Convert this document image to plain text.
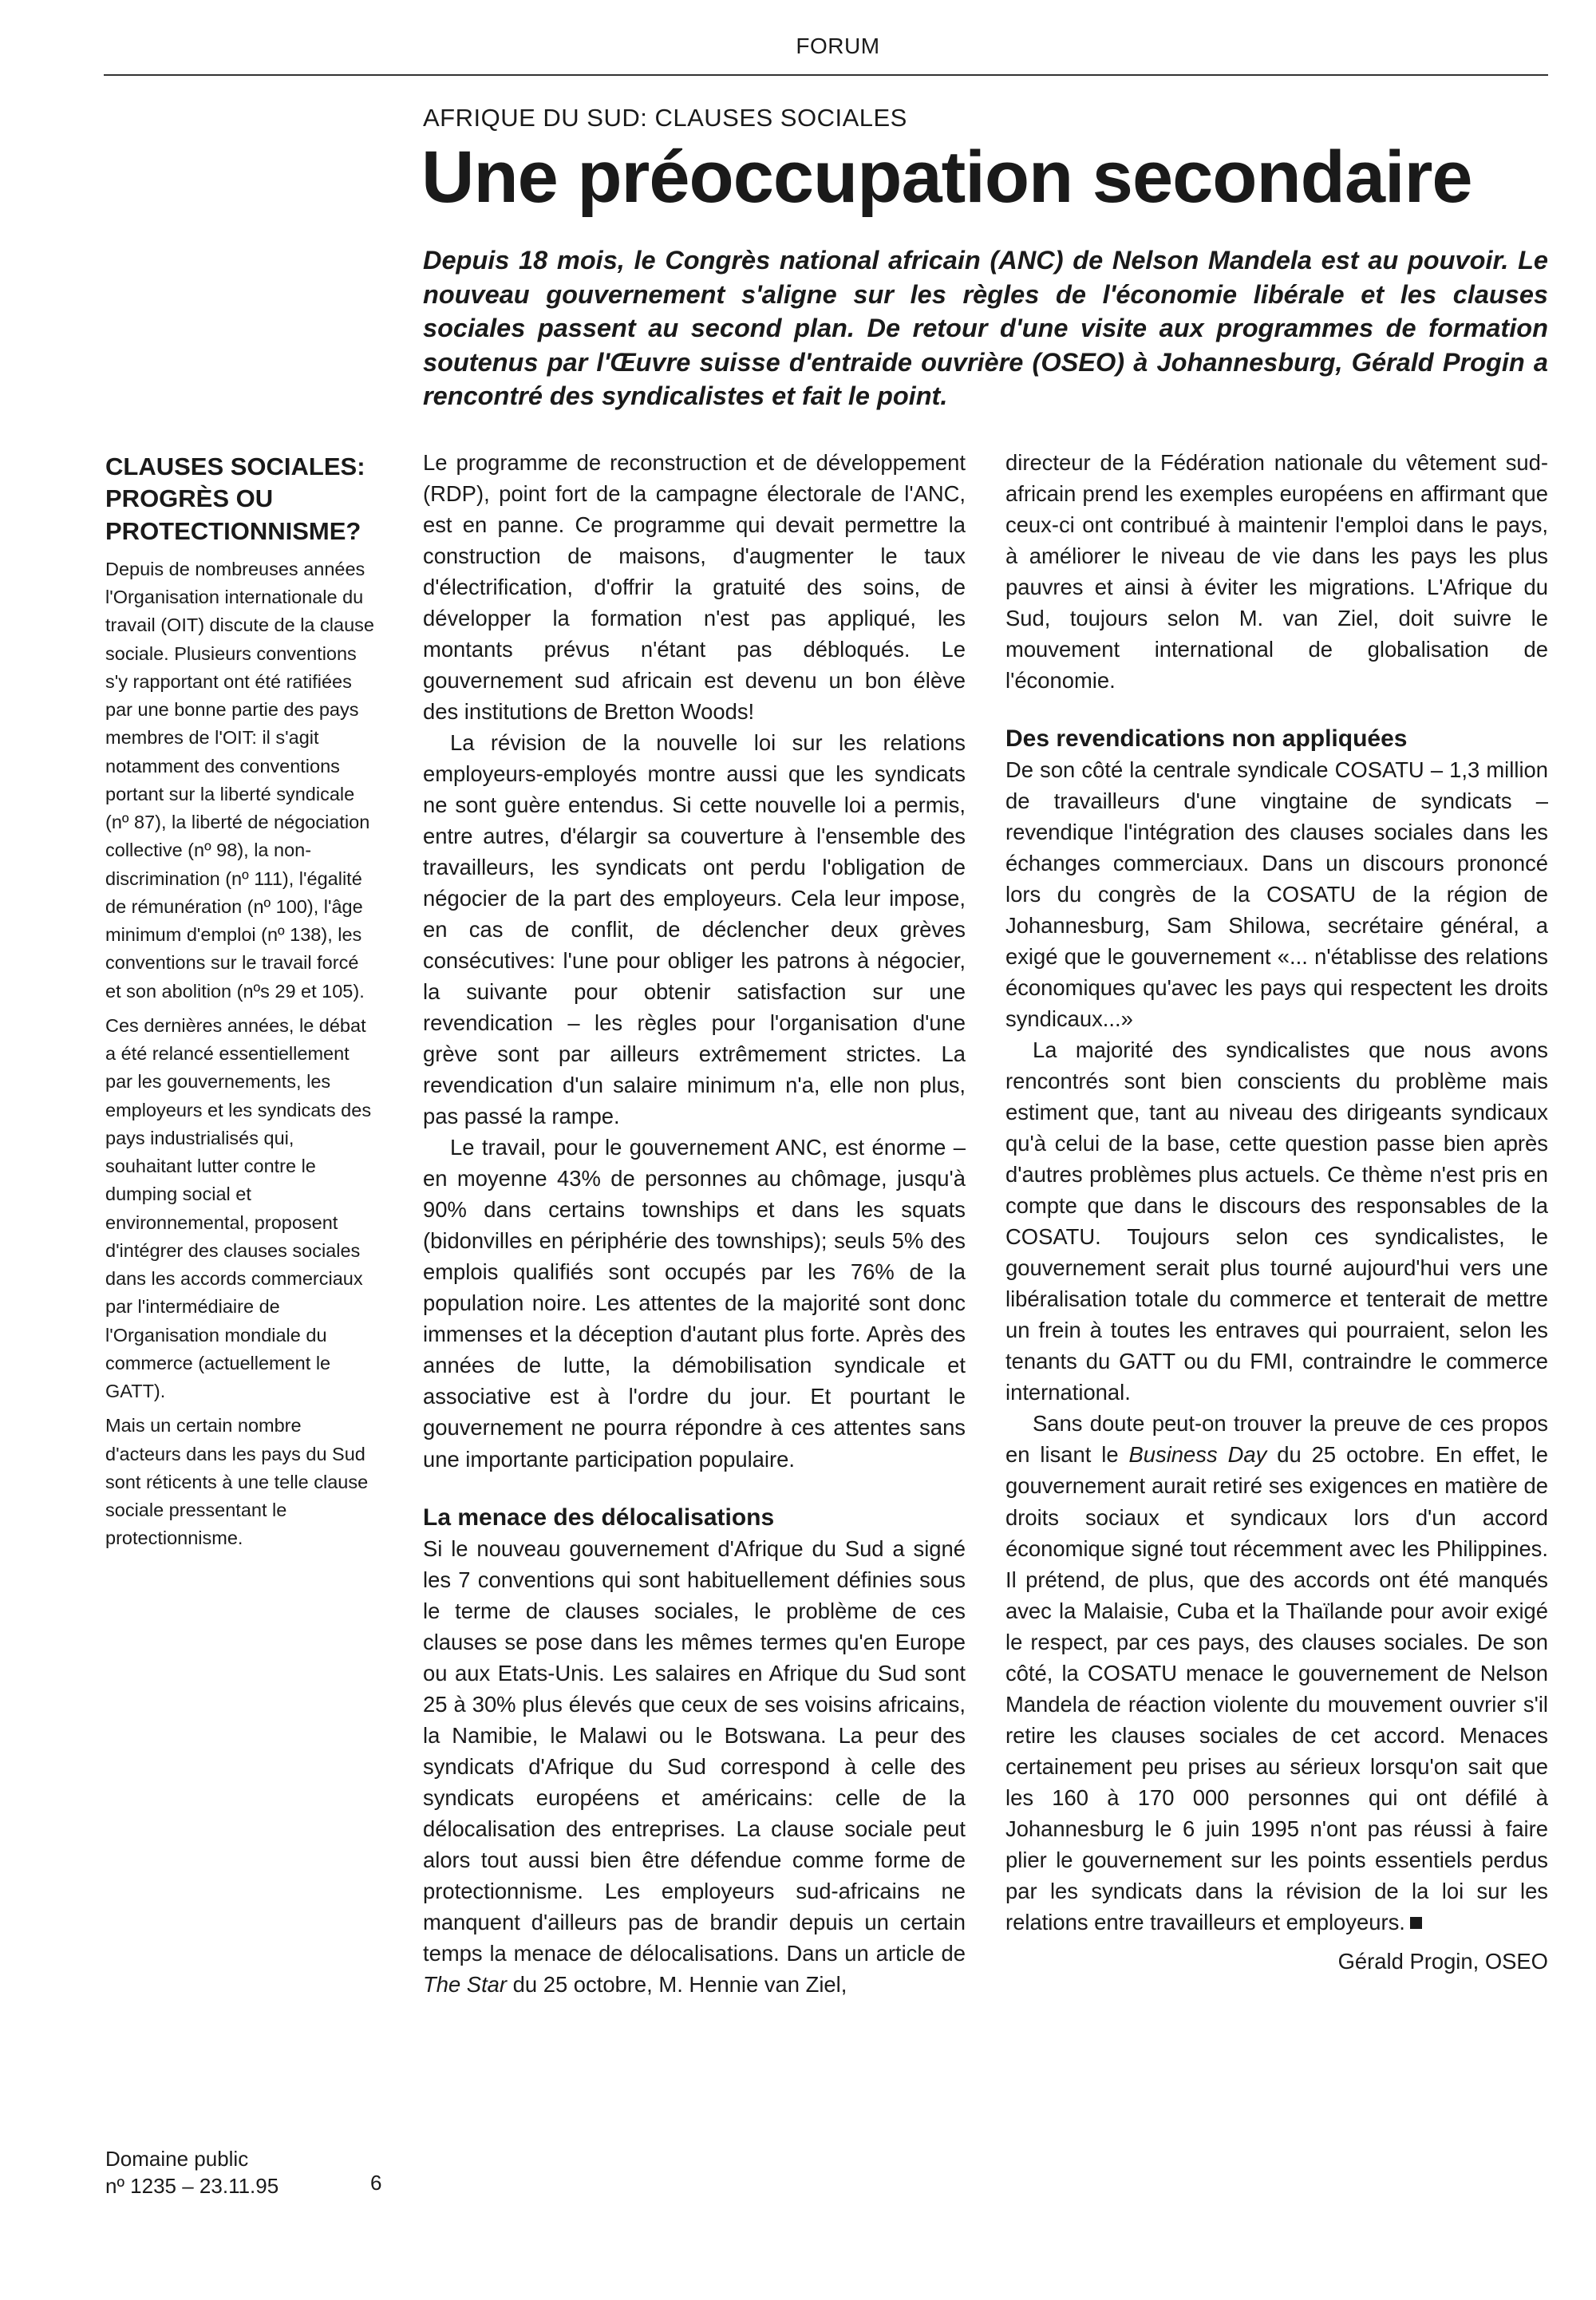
FORUM
AFRIQUE DU SUD: CLAUSES SOCIALES
Une préoccupation secondaire
Depuis 18 mois, le Congrès national africain (ANC) de Nelson Mandela est au pouvoir. Le nouveau gouvernement s'aligne sur les règles de l'économie libérale et les clauses sociales passent au second plan. De retour d'une visite aux programmes de formation soutenus par l'Œuvre suisse d'entraide ouvrière (OSEO) à Johannesburg, Gérald Progin a rencontré des syndicalistes et fait le point.
CLAUSES SOCIALES: PROGRÈS OU PROTECTIONNISME?

Depuis de nombreuses années l'Organisation internationale du travail (OIT) discute de la clause sociale. Plusieurs conventions s'y rapportant ont été ratifiées par une bonne partie des pays membres de l'OIT: il s'agit notamment des conventions portant sur la liberté syndicale (nº 87), la liberté de négociation collective (nº 98), la non-discrimination (nº 111), l'égalité de rémunération (nº 100), l'âge minimum d'emploi (nº 138), les conventions sur le travail forcé et son abolition (nºs 29 et 105).

Ces dernières années, le débat a été relancé essentiellement par les gouvernements, les employeurs et les syndicats des pays industrialisés qui, souhaitant lutter contre le dumping social et environnemental, proposent d'intégrer des clauses sociales dans les accords commerciaux par l'intermédiaire de l'Organisation mondiale du commerce (actuellement le GATT).

Mais un certain nombre d'acteurs dans les pays du Sud sont réticents à une telle clause sociale pressentant le protectionnisme.

Domaine public
nº 1235 – 23.11.95	6

Le programme de reconstruction et de développement (RDP), point fort de la campagne électorale de l'ANC, est en panne. Ce programme qui devait permettre la construction de maisons, d'augmenter le taux d'électrification, d'offrir la gratuité des soins, de développer la formation n'est pas appliqué, les montants prévus n'étant pas débloqués. Le gouvernement sud africain est devenu un bon élève des institutions de Bretton Woods!

La révision de la nouvelle loi sur les relations employeurs-employés montre aussi que les syndicats ne sont guère entendus. Si cette nouvelle loi a permis, entre autres, d'élargir sa couverture à l'ensemble des travailleurs, les syndicats ont perdu l'obligation de négocier de la part des employeurs. Cela leur impose, en cas de conflit, de déclencher deux grèves consécutives: l'une pour obliger les patrons à négocier, la suivante pour obtenir satisfaction sur une revendication – les règles pour l'organisation d'une grève sont par ailleurs extrêmement strictes. La revendication d'un salaire minimum n'a, elle non plus, pas passé la rampe.

Le travail, pour le gouvernement ANC, est énorme – en moyenne 43% de personnes au chômage, jusqu'à 90% dans certains townships et dans les squats (bidonvilles en périphérie des townships); seuls 5% des emplois qualifiés sont occupés par les 76% de la population noire. Les attentes de la majorité sont donc immenses et la déception d'autant plus forte. Après des années de lutte, la démobilisation syndicale et associative est à l'ordre du jour. Et pourtant le gouvernement ne pourra répondre à ces attentes sans une importante participation populaire.

La menace des délocalisations

Si le nouveau gouvernement d'Afrique du Sud a signé les 7 conventions qui sont habituellement définies sous le terme de clauses sociales, le problème de ces clauses se pose dans les mêmes termes qu'en Europe ou aux Etats-Unis. Les salaires en Afrique du Sud sont 25 à 30% plus élevés que ceux de ses voisins africains, la Namibie, le Malawi ou le Botswana. La peur des syndicats d'Afrique du Sud correspond à celle des syndicats européens et américains: celle de la délocalisation des entreprises. La clause sociale peut alors tout aussi bien être défendue comme forme de protectionnisme. Les employeurs sud-africains ne manquent d'ailleurs pas de brandir depuis un certain temps la menace de délocalisations. Dans un article de The Star du 25 octobre, M. Hennie van Ziel,

directeur de la Fédération nationale du vêtement sud-africain prend les exemples européens en affirmant que ceux-ci ont contribué à maintenir l'emploi dans le pays, à améliorer le niveau de vie dans les pays les plus pauvres et ainsi à éviter les migrations. L'Afrique du Sud, toujours selon M. van Ziel, doit suivre le mouvement international de globalisation de l'économie.

Des revendications non appliquées

De son côté la centrale syndicale COSATU – 1,3 million de travailleurs d'une vingtaine de syndicats – revendique l'intégration des clauses sociales dans les échanges commerciaux. Dans un discours prononcé lors du congrès de la COSATU de la région de Johannesburg, Sam Shilowa, secrétaire général, a exigé que le gouvernement «... n'établisse des relations économiques qu'avec les pays qui respectent les droits syndicaux...»

La majorité des syndicalistes que nous avons rencontrés sont bien conscients du problème mais estiment que, tant au niveau des dirigeants syndicaux qu'à celui de la base, cette question passe bien après d'autres problèmes plus actuels. Ce thème n'est pris en compte que dans le discours des responsables de la COSATU. Toujours selon ces syndicalistes, le gouvernement serait plus tourné aujourd'hui vers une libéralisation totale du commerce et tenterait de mettre un frein à toutes les entraves qui pourraient, selon les tenants du GATT ou du FMI, contraindre le commerce international.

Sans doute peut-on trouver la preuve de ces propos en lisant le Business Day du 25 octobre. En effet, le gouvernement aurait retiré ses exigences en matière de droits sociaux et syndicaux lors d'un accord économique signé tout récemment avec les Philippines. Il prétend, de plus, que des accords ont été manqués avec la Malaisie, Cuba et la Thaïlande pour avoir exigé le respect, par ces pays, des clauses sociales. De son côté, la COSATU menace le gouvernement de Nelson Mandela de réaction violente du mouvement ouvrier s'il retire les clauses sociales de cet accord. Menaces certainement peu prises au sérieux lorsqu'on sait que les 160 à 170 000 personnes qui ont défilé à Johannesburg le 6 juin 1995 n'ont pas réussi à faire plier le gouvernement sur les points essentiels perdus par les syndicats dans la révision de la loi sur les relations entre travailleurs et employeurs.

Gérald Progin, OSEO
